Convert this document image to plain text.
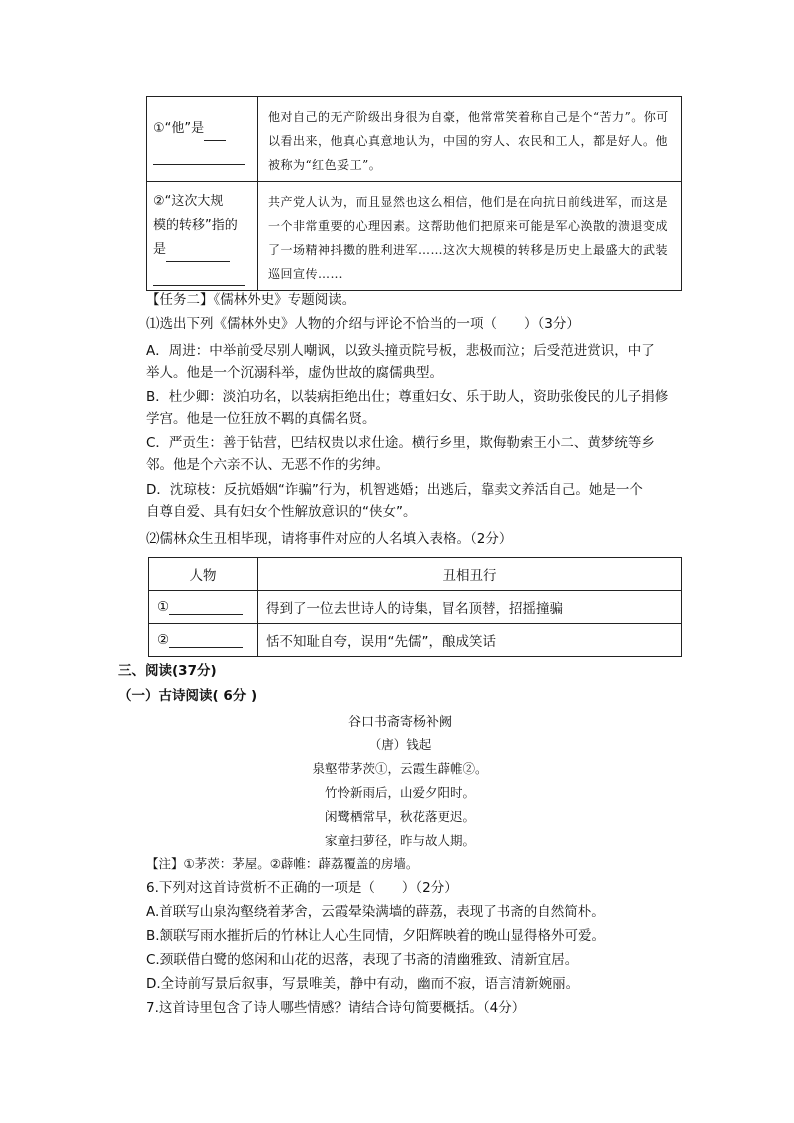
①“他”是	他对自己的无产阶级出身很为自豪，他常常笑着称自己是个“苦力”。你可以看出来，他真心真意地认为，中国的穷人、农民和工人，都是好人。他被称为“红色妥工”。
②“这次大规
模的转移”指的
是	共产党人认为，而且显然也这么相信，他们是在向抗日前线进军，而这是一个非常重要的心理因素。这帮助他们把原来可能是军心涣散的溃退变成了一场精神抖擞的胜利进军……这次大规模的转移是历史上最盛大的武装巡回宣传……
【任务二】《儒林外史》专题阅读。
⑴选出下列《儒林外史》人物的介绍与评论不恰当的一项（　　）（3分）
A．周进：中举前受尽别人嘲讽，以致头撞贡院号板，悲极而泣；后受范进赏识，中了
举人。他是一个沉溺科举，虚伪世故的腐儒典型。
B．杜少卿：淡泊功名，以装病拒绝出仕；尊重妇女、乐于助人，资助张俊民的儿子捐修
学宫。他是一位狂放不羁的真儒名贤。
C．严贡生：善于钻营，巴结权贵以求仕途。横行乡里，欺侮勒索王小二、黄梦统等乡
邻。他是个六亲不认、无恶不作的劣绅。
D．沈琼枝：反抗婚姻“诈骗”行为，机智逃婚；出逃后，靠卖文养活自己。她是一个
自尊自爱、具有妇女个性解放意识的“侠女”。
⑵儒林众生丑相毕现，请将事件对应的人名填入表格。（2分）
人物	丑相丑行
①	得到了一位去世诗人的诗集，冒名顶替，招摇撞骗
②	恬不知耻自夸，误用“先儒”，酿成笑话
三、阅读(37分)
（一）古诗阅读( 6分 )
谷口书斋寄杨补阙
（唐）钱起
泉壑带茅茨①，云霞生薜帷②。
竹怜新雨后，山爱夕阳时。
闲鹭栖常早，秋花落更迟。
家童扫萝径，昨与故人期。
【注】①茅茨：茅屋。②薜帷：薜荔覆盖的房墙。
6.下列对这首诗赏析不正确的一项是（　　）（2分）
A.首联写山泉沟壑绕着茅舍，云霞晕染满墙的薜荔，表现了书斋的自然简朴。
B.颔联写雨水摧折后的竹林让人心生同情，夕阳辉映着的晚山显得格外可爱。
C.颈联借白鹭的悠闲和山花的迟落，表现了书斋的清幽雅致、清新宜居。
D.全诗前写景后叙事，写景唯美，静中有动，幽而不寂，语言清新婉丽。
7.这首诗里包含了诗人哪些情感？请结合诗句简要概括。（4分）
